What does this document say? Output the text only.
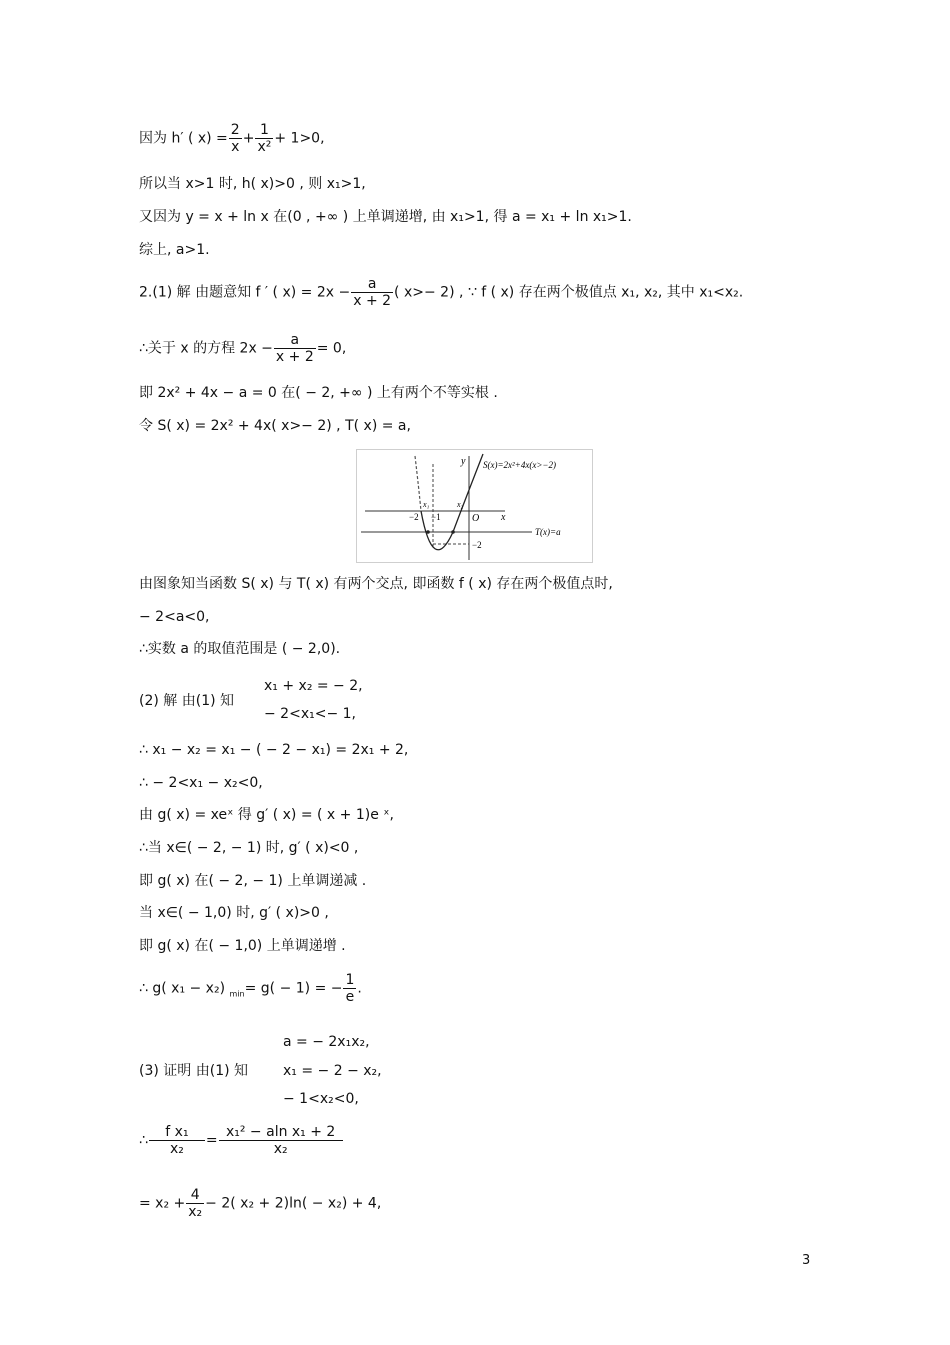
因为 h′ ( $x) = \frac{2}{x} + \frac{1}{\text{x²}} + 1>0$,
所以当 x>1 时, h( x)>0 , 则 x₁>1,
又因为 y = x + ln x 在(0 , +∞ ) 上单调递增, 由 x₁>1, 得 a = x₁ + ln x₁>1.
综上, a>1.
2.(1) 解 由题意知 f ′ ( $x) = 2x - \frac{a}{x + 2}$ ( x>− 2) , ∵ f ( x) 存在两个极值点 x₁, x₂, 其中 x₁<x₂.
∴关于 x 的方程 $2x - \frac{a}{x + 2} = 0$,
即 2x² + 4x − a = 0 在( − 2, +∞ ) 上有两个不等实根 .
令 S( x) = 2x² + 4x( x>− 2) , T( x) = a,
y
x
S(x)=2x²+4x(x>−2)
T(x)=a
x₁	x₂
−2 −1	O
−2
由图象知当函数 S( x) 与 T( x) 有两个交点, 即函数 f ( x) 存在两个极值点时,
− 2<a<0,
∴实数 a 的取值范围是 ( − 2,0).
(2) 解 由(1) 知
x₁ + x₂ = − 2,
− 2<x₁<− 1,
∴ x₁ − x₂ = x₁ − ( − 2 − x₁) = 2x₁ + 2,
∴ − 2<x₁ − x₂<0,
由 g( x) = xeˣ 得 g′ ( x) = ( x + 1)e ˣ,
∴当 x∈( − 2, − 1) 时, g′ ( x)<0 ,
即 g( x) 在( − 2, − 1) 上单调递减 .
当 x∈( − 1,0) 时, g′ ( x)>0 ,
即 g( x) 在( − 1,0) 上单调递增 .
∴ g( x₁ − x₂) $_{min}$= g( − 1) = − $\frac{1}{e}$ .
a = − 2x₁x₂,
(3) 证明 由(1) 知 x₁ = − 2 − x₂,
− 1<x₂<0,
∴ $\frac{\text{f x₁}}{\text{x₂}} = \frac{\text{x₁² − aln x₁ + 2}}{\text{x₂}}$
= $x_2 + \frac{4}{\text{x₂}} - 2$( x₂ + 2)ln( − x₂) + 4,
3
